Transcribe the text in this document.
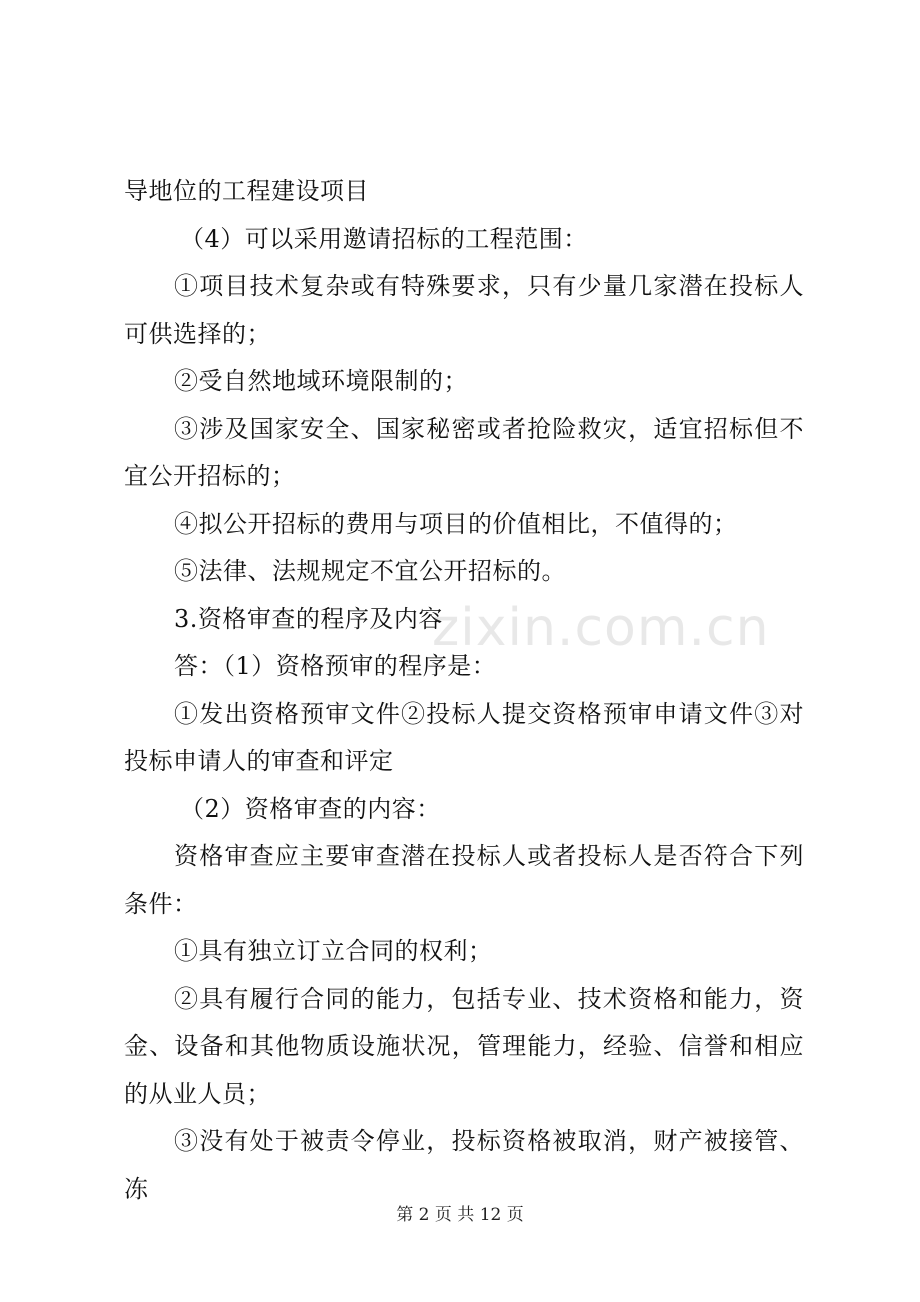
导地位的工程建设项目

（4）可以采用邀请招标的工程范围：

①项目技术复杂或有特殊要求，只有少量几家潜在投标人可供选择的；

②受自然地域环境限制的；

③涉及国家安全、国家秘密或者抢险救灾，适宜招标但不宜公开招标的；

④拟公开招标的费用与项目的价值相比，不值得的；

⑤法律、法规规定不宜公开招标的。

3.资格审查的程序及内容

答：（1）资格预审的程序是：

①发出资格预审文件②投标人提交资格预审申请文件③对投标申请人的审查和评定

（2）资格审查的内容：

资格审查应主要审查潜在投标人或者投标人是否符合下列条件：

①具有独立订立合同的权利；

②具有履行合同的能力，包括专业、技术资格和能力，资金、设备和其他物质设施状况，管理能力，经验、信誉和相应的从业人员；

③没有处于被责令停业，投标资格被取消，财产被接管、冻

zixin.com.cn
第 2 页 共 12 页
